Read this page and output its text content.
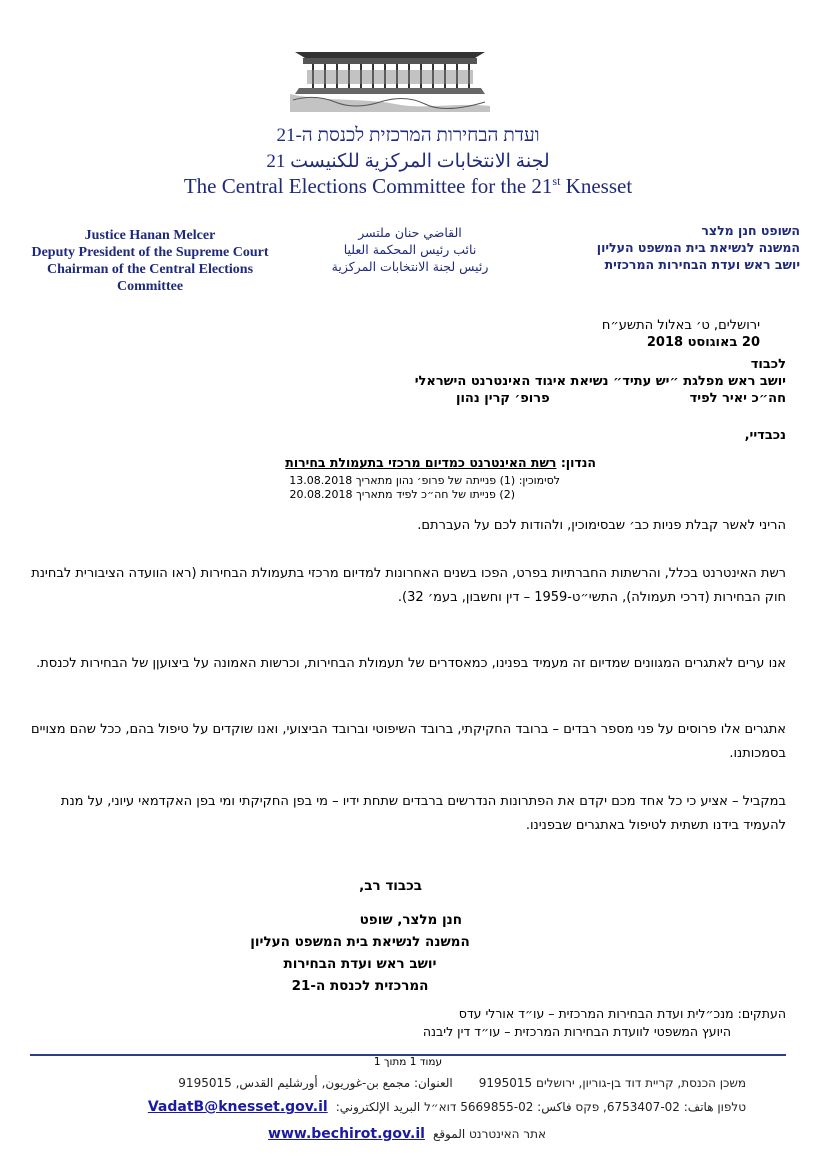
ועדת הבחירות המרכזית לכנסת ה-21
لجنة الانتخابات المركزية للكنيست 21
The Central Elections Committee for the 21st Knesset
השופט חנן מלצר
המשנה לנשיאת בית המשפט העליון
יושב ראש ועדת הבחירות המרכזית
القاضي حنان ملتسر
نائب رئيس المحكمة العليا
رئيس لجنة الانتخابات المركزية
Justice Hanan Melcer
Deputy President of the Supreme Court
Chairman of the Central Elections
Committee
ירושלים, ט׳ באלול התשע״ח
20 באוגוסט 2018
לכבוד
יושב ראש מפלגת ״יש עתיד״ נשיאת איגוד האינטרנט הישראלי
חה״כ יאיר לפיד
פרופ׳ קרין נהון
נכבדיי,
הנדון: רשת האינטרנט כמדיום מרכזי בתעמולת בחירות
לסימוכין: (1) פנייתה של פרופ׳ נהון מתאריך 13.08.2018
(2) פנייתו של חה״כ לפיד מתאריך 20.08.2018
הריני לאשר קבלת פניות כב׳ שבסימוכין, ולהודות לכם על העברתם.
רשת האינטרנט בכלל, והרשתות החברתיות בפרט, הפכו בשנים האחרונות למדיום מרכזי בתעמולת הבחירות (ראו הוועדה הציבורית לבחינת חוק הבחירות (דרכי תעמולה), התשי״ט-1959 – דין וחשבון, בעמ׳ 32).
אנו ערים לאתגרים המגוונים שמדיום זה מעמיד בפנינו, כמאסדרים של תעמולת הבחירות, וכרשות האמונה על ביצועןן של הבחירות לכנסת.
אתגרים אלו פרוסים על פני מספר רבדים – ברובד החקיקתי, ברובד השיפוטי וברובד הביצועי, ואנו שוקדים על טיפול בהם, ככל שהם מצויים בסמכותנו.
במקביל – אציע כי כל אחד מכם יקדם את הפתרונות הנדרשים ברבדים שתחת ידיו – מי בפן החקיקתי ומי בפן האקדמאי עיוני, על מנת להעמיד בידנו תשתית לטיפול באתגרים שבפנינו.
בכבוד רב,
חנן מלצר, שופט
המשנה לנשיאת בית המשפט העליון
יושב ראש ועדת הבחירות
המרכזית לכנסת ה-21
העתקים: מנכ״לית ועדת הבחירות המרכזית – עו״ד אורלי עדס
היועץ המשפטי לוועדת הבחירות המרכזית – עו״ד דין ליבנה
עמוד 1 מתוך 1
משכן הכנסת, קריית דוד בן-גוריון, ירושלים 9195015
العنوان: مجمع بن-غوريون, أورشليم القدس, 9195015
טלפון هاتف: 02-6753407, פקס فاكس: 02-5669855 דוא״ל البريد الإلكتروني:
VadatB@knesset.gov.il
אתר האינטרנט الموقع
www.bechirot.gov.il
